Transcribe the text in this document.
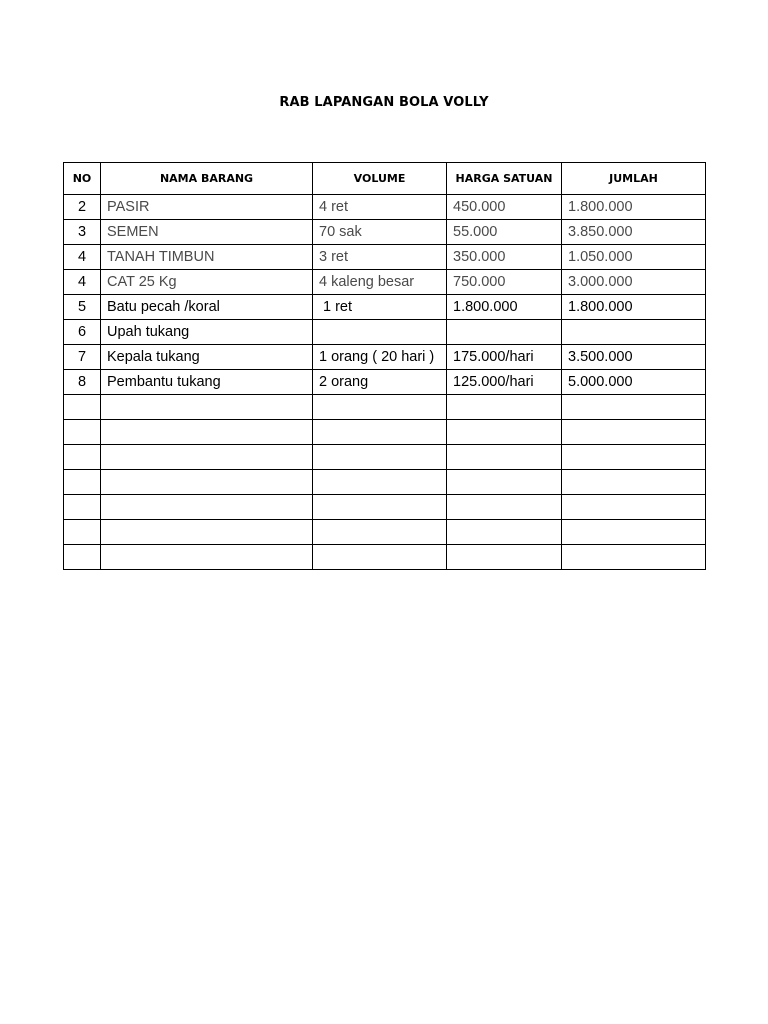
RAB LAPANGAN BOLA VOLLY
NO	NAMA BARANG	VOLUME	HARGA SATUAN	JUMLAH
2	PASIR	4 ret	450.000	1.800.000
3	SEMEN	70 sak	55.000	3.850.000
4	TANAH TIMBUN	3 ret	350.000	1.050.000
4	CAT 25 Kg	4 kaleng besar	750.000	3.000.000
5	Batu pecah /koral	1 ret	1.800.000	1.800.000
6	Upah tukang			
7	Kepala tukang	1 orang ( 20 hari )	175.000/hari	3.500.000
8	Pembantu tukang	2 orang	125.000/hari	5.000.000
